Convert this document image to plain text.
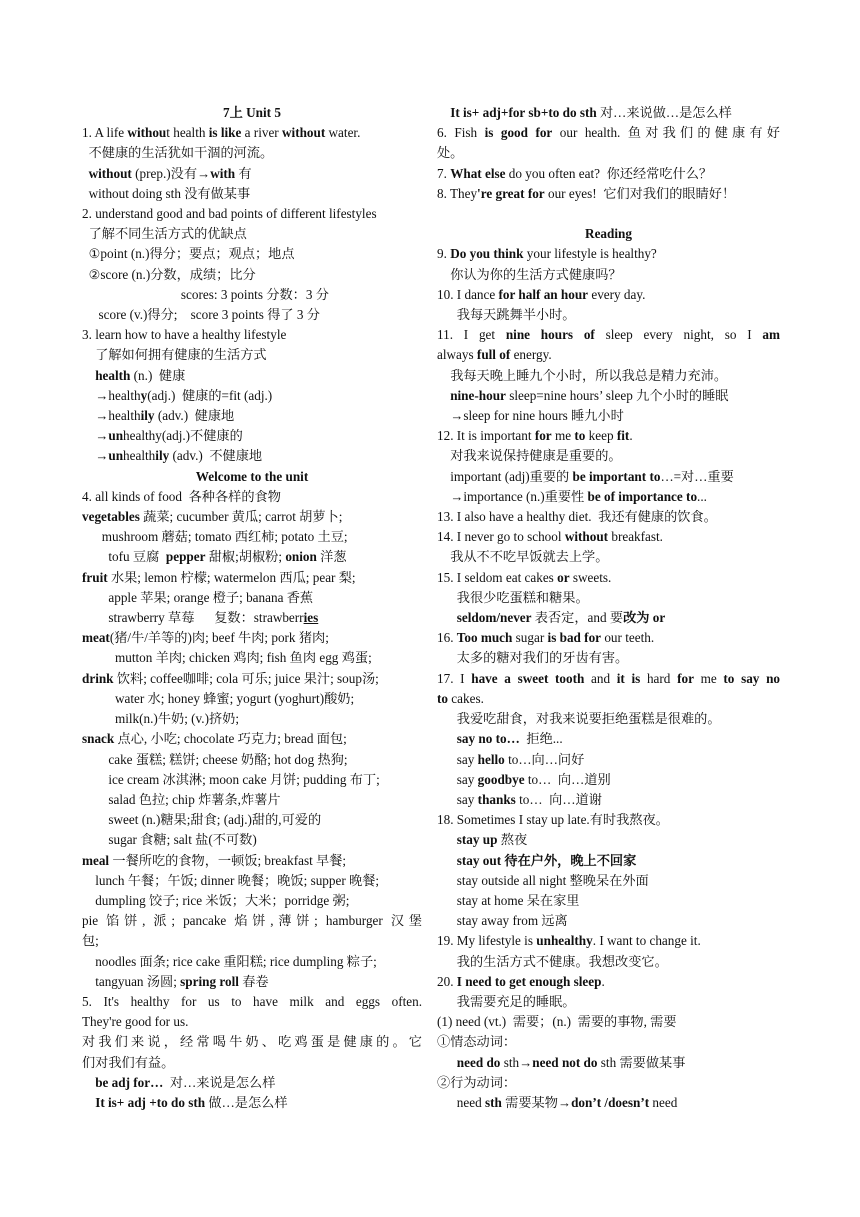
7上 Unit 5
1. A life without health is like a river without water.
不健康的生活犹如干涸的河流。
without (prep.)没有→with 有
without doing sth 没有做某事
2. understand good and bad points of different lifestyles
了解不同生活方式的优缺点
①point (n.)得分；要点；观点；地点
②score (n.)分数，成绩；比分
scores: 3 points 分数：3 分
score (v.)得分;    score 3 points 得了 3 分
3. learn how to have a healthy lifestyle
了解如何拥有健康的生活方式
health (n.)  健康
→healthy(adj.)  健康的=fit (adj.)
→healthily (adv.)  健康地
→unhealthy(adj.)不健康的
→unhealthily (adv.)  不健康地
Welcome to the unit
4. all kinds of food  各种各样的食物
vegetables 蔬菜; cucumber 黄瓜; carrot 胡萝卜;
mushroom 蘑菇; tomato 西红柿; potato 土豆;
tofu 豆腐  pepper 甜椒;胡椒粉; onion 洋葱
fruit 水果; lemon 柠檬; watermelon 西瓜; pear 梨;
apple 苹果; orange 橙子; banana 香蕉
strawberry 草莓      复数：strawberries
meat(猪/牛/羊等的)肉; beef 牛肉; pork 猪肉;
mutton 羊肉; chicken 鸡肉; fish 鱼肉 egg 鸡蛋;
drink 饮料; coffee咖啡; cola 可乐; juice 果汁; soup汤;
water 水; honey 蜂蜜; yogurt (yoghurt)酸奶;
milk(n.)牛奶; (v.)挤奶;
snack 点心, 小吃; chocolate 巧克力; bread 面包;
cake 蛋糕; 糕饼; cheese 奶酪; hot dog 热狗;
ice cream 冰淇淋; moon cake 月饼; pudding 布丁;
salad 色拉; chip 炸薯条,炸薯片
sweet (n.)糖果;甜食; (adj.)甜的,可爱的
sugar 食糖; salt 盐(不可数)
meal 一餐所吃的食物，一顿饭; breakfast 早餐;
lunch 午餐；午饭; dinner 晚餐；晚饭; supper 晚餐;
dumpling 饺子; rice 米饭；大米；porridge 粥;
pie 馅饼, 派; pancake 焰饼,薄饼; hamburger 汉堡
包;
noodles 面条; rice cake 重阳糕; rice dumpling 粽子;
tangyuan 汤圆; spring roll 春卷
5. It's healthy for us to have milk and eggs often.
They're good for us.
对我们来说，经常喝牛奶、吃鸡蛋是健康的。它
们对我们有益。
be adj for…  对…来说是怎么样
It is+ adj +to do sth 做…是怎么样
It is+ adj+for sb+to do sth 对…来说做…是怎么样
6. Fish is good for our health. 鱼对我们的健康有好
处。
7. What else do you often eat?  你还经常吃什么？
8. They're great for our eyes!  它们对我们的眼睛好！

Reading
9. Do you think your lifestyle is healthy?
你认为你的生活方式健康吗？
10. I dance for half an hour every day.
我每天跳舞半小时。
11. I get nine hours of sleep every night, so I am
always full of energy.
我每天晚上睡九个小时，所以我总是精力充沛。
nine-hour sleep=nine hours’ sleep 九个小时的睡眠
→sleep for nine hours 睡九小时
12. It is important for me to keep fit.
对我来说保持健康是重要的。
important (adj)重要的 be important to…=对…重要
→importance (n.)重要性 be of importance to...
13. I also have a healthy diet.  我还有健康的饮食。
14. I never go to school without breakfast.
我从不不吃早饭就去上学。
15. I seldom eat cakes or sweets.
我很少吃蛋糕和糖果。
seldom/never 表否定，and 要改为 or
16. Too much sugar is bad for our teeth.
太多的糖对我们的牙齿有害。
17. I have a sweet tooth and it is hard for me to say no
to cakes.
我爱吃甜食，对我来说要拒绝蛋糕是很难的。
say no to…  拒绝...
say hello to…向…问好
say goodbye to…  向…道别
say thanks to…  向…道谢
18. Sometimes I stay up late.有时我熬夜。
stay up 熬夜
stay out 待在户外，晚上不回家
stay outside all night 整晚呆在外面
stay at home 呆在家里
stay away from 远离
19. My lifestyle is unhealthy. I want to change it.
我的生活方式不健康。我想改变它。
20. I need to get enough sleep.
我需要充足的睡眠。
(1) need (vt.)  需要；(n.)  需要的事物, 需要
①情态动词：
need do sth→need not do sth 需要做某事
②行为动词：
need sth 需要某物→don’t /doesn’t need
